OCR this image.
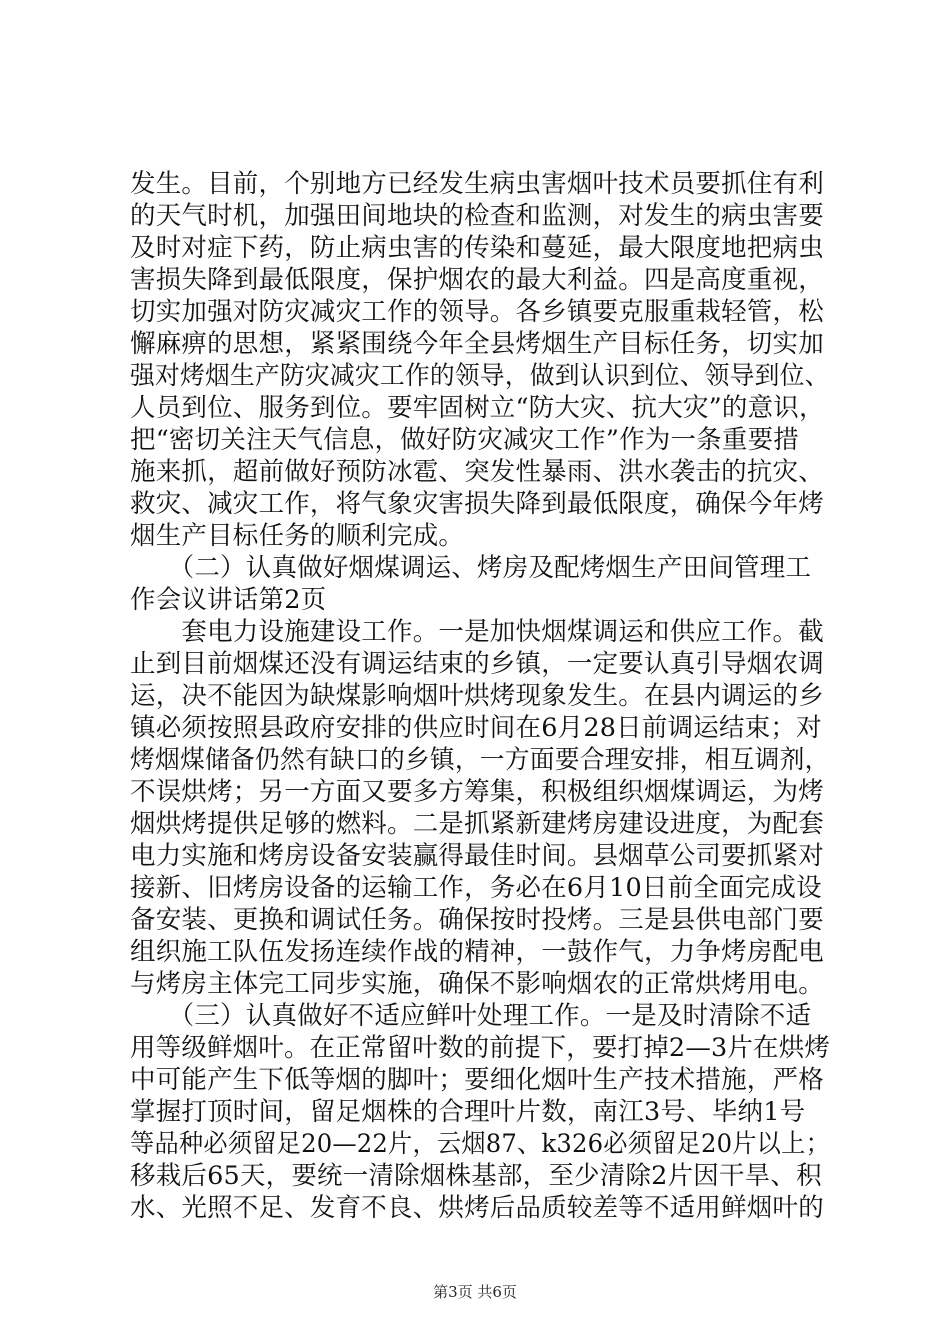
发生。目前，个别地方已经发生病虫害烟叶技术员要抓住有利
的天气时机，加强田间地块的检查和监测，对发生的病虫害要
及时对症下药，防止病虫害的传染和蔓延，最大限度地把病虫
害损失降到最低限度，保护烟农的最大利益。四是高度重视，
切实加强对防灾减灾工作的领导。各乡镇要克服重栽轻管，松
懈麻痹的思想，紧紧围绕今年全县烤烟生产目标任务，切实加
强对烤烟生产防灾减灾工作的领导，做到认识到位、领导到位、
人员到位、服务到位。要牢固树立“防大灾、抗大灾”的意识，
把“密切关注天气信息，做好防灾减灾工作”作为一条重要措
施来抓，超前做好预防冰雹、突发性暴雨、洪水袭击的抗灾、
救灾、减灾工作，将气象灾害损失降到最低限度，确保今年烤
烟生产目标任务的顺利完成。
　　（二）认真做好烟煤调运、烤房及配烤烟生产田间管理工
作会议讲话第2页
　　套电力设施建设工作。一是加快烟煤调运和供应工作。截
止到目前烟煤还没有调运结束的乡镇，一定要认真引导烟农调
运，决不能因为缺煤影响烟叶烘烤现象发生。在县内调运的乡
镇必须按照县政府安排的供应时间在6月28日前调运结束；对
烤烟煤储备仍然有缺口的乡镇，一方面要合理安排，相互调剂，
不误烘烤；另一方面又要多方筹集，积极组织烟煤调运，为烤
烟烘烤提供足够的燃料。二是抓紧新建烤房建设进度，为配套
电力实施和烤房设备安装赢得最佳时间。县烟草公司要抓紧对
接新、旧烤房设备的运输工作，务必在6月10日前全面完成设
备安装、更换和调试任务。确保按时投烤。三是县供电部门要
组织施工队伍发扬连续作战的精神，一鼓作气，力争烤房配电
与烤房主体完工同步实施，确保不影响烟农的正常烘烤用电。
　　（三）认真做好不适应鲜叶处理工作。一是及时清除不适
用等级鲜烟叶。在正常留叶数的前提下，要打掉2—3片在烘烤
中可能产生下低等烟的脚叶；要细化烟叶生产技术措施，严格
掌握打顶时间，留足烟株的合理叶片数，南江3号、毕纳1号
等品种必须留足20—22片，云烟87、k326必须留足20片以上；
移栽后65天，要统一清除烟株基部，至少清除2片因干旱、积
水、光照不足、发育不良、烘烤后品质较差等不适用鲜烟叶的
第3页 共6页
